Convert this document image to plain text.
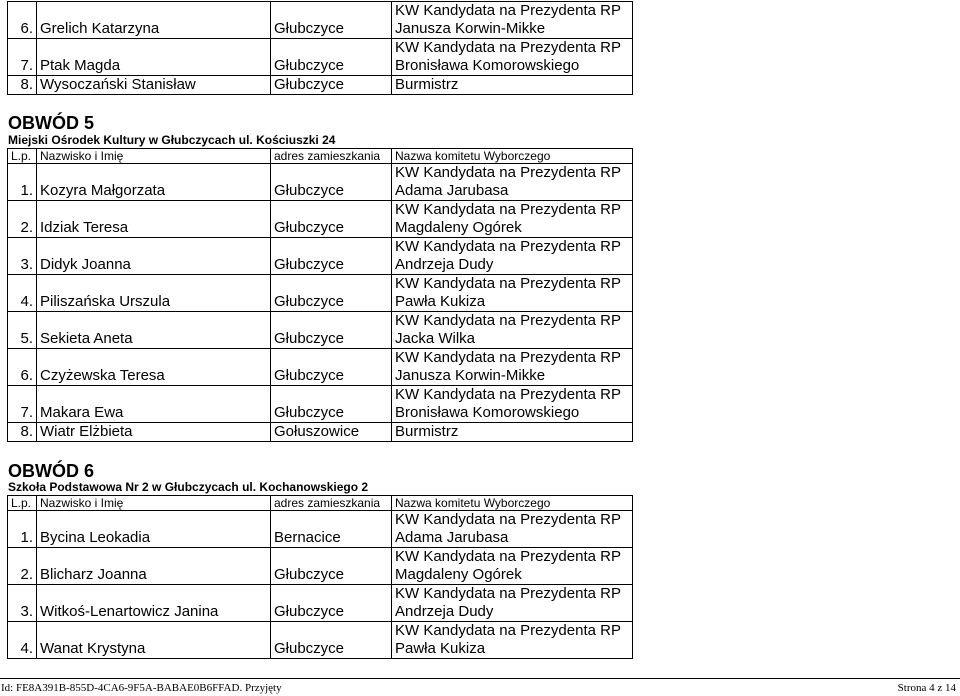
6.	Grelich Katarzyna	Głubczyce	KW Kandydata na Prezydenta RP
Janusza Korwin-Mikke

7.	Ptak Magda	Głubczyce	KW Kandydata na Prezydenta RP
Bronisława Komorowskiego

8.	Wysoczański Stanisław	Głubczyce	Burmistrz
OBWÓD 5
Miejski Ośrodek Kultury w Głubczycach ul. Kościuszki 24
L.p.	Nazwisko i Imię	adres zamieszkania	Nazwa komitetu Wyborczego
1.	Kozyra Małgorzata	Głubczyce	KW Kandydata na Prezydenta RP
Adama Jarubasa

2.	Idziak Teresa	Głubczyce	KW Kandydata na Prezydenta RP
Magdaleny Ogórek

3.	Didyk Joanna	Głubczyce	KW Kandydata na Prezydenta RP
Andrzeja Dudy

4.	Piliszańska Urszula	Głubczyce	KW Kandydata na Prezydenta RP
Pawła Kukiza

5.	Sekieta Aneta	Głubczyce	KW Kandydata na Prezydenta RP
Jacka Wilka

6.	Czyżewska Teresa	Głubczyce	KW Kandydata na Prezydenta RP
Janusza Korwin-Mikke

7.	Makara Ewa	Głubczyce	KW Kandydata na Prezydenta RP
Bronisława Komorowskiego

8.	Wiatr Elżbieta	Gołuszowice	Burmistrz
OBWÓD 6
Szkoła Podstawowa Nr 2 w Głubczycach ul. Kochanowskiego 2
L.p.	Nazwisko i Imię	adres zamieszkania	Nazwa komitetu Wyborczego
1.	Bycina Leokadia	Bernacice	KW Kandydata na Prezydenta RP
Adama Jarubasa

2.	Blicharz Joanna	Głubczyce	KW Kandydata na Prezydenta RP
Magdaleny Ogórek

3.	Witkoś-Lenartowicz Janina	Głubczyce	KW Kandydata na Prezydenta RP
Andrzeja Dudy

4.	Wanat Krystyna	Głubczyce	KW Kandydata na Prezydenta RP
Pawła Kukiza
Id: FE8A391B-855D-4CA6-9F5A-BABAE0B6FFAD. Przyjęty	Strona 4 z 14
